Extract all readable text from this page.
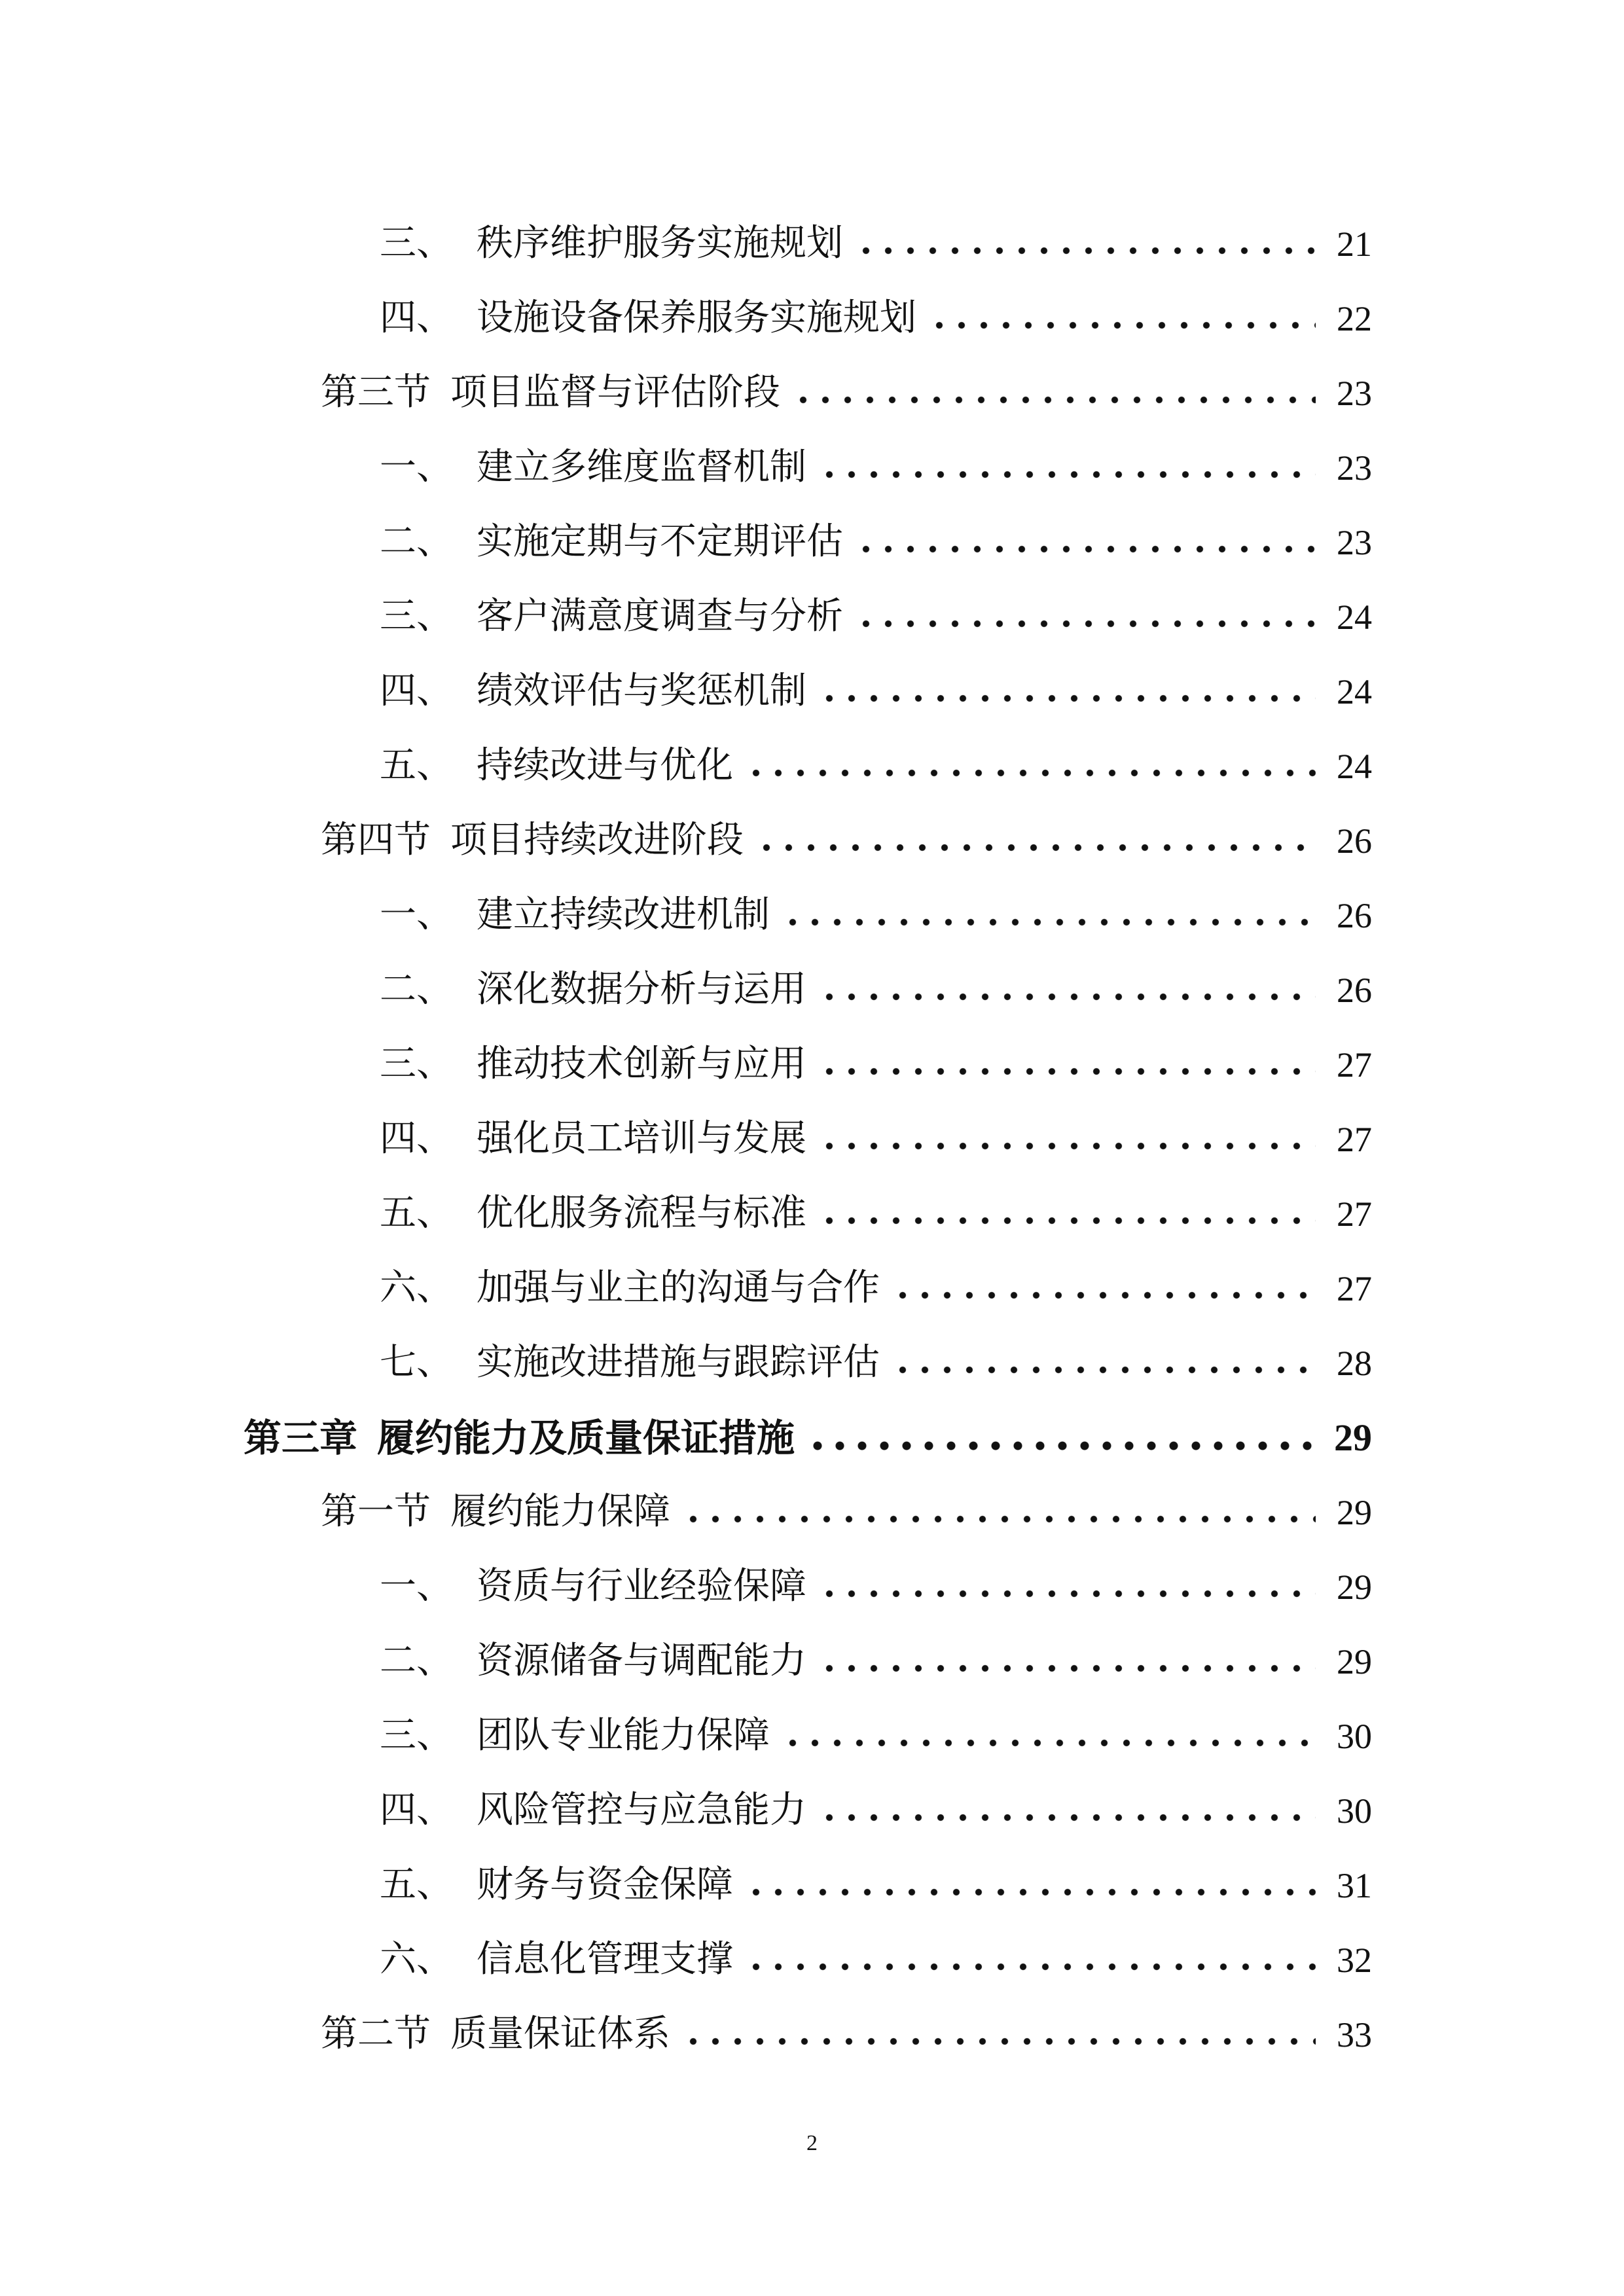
三、 秩序维护服务实施规划	21
四、 设施设备保养服务实施规划	22
第三节 项目监督与评估阶段	23
一、 建立多维度监督机制	23
二、 实施定期与不定期评估	23
三、 客户满意度调查与分析	24
四、 绩效评估与奖惩机制	24
五、 持续改进与优化	24
第四节 项目持续改进阶段	26
一、 建立持续改进机制	26
二、 深化数据分析与运用	26
三、 推动技术创新与应用	27
四、 强化员工培训与发展	27
五、 优化服务流程与标准	27
六、 加强与业主的沟通与合作	27
七、 实施改进措施与跟踪评估	28
第三章 履约能力及质量保证措施	29
第一节 履约能力保障	29
一、 资质与行业经验保障	29
二、 资源储备与调配能力	29
三、 团队专业能力保障	30
四、 风险管控与应急能力	30
五、 财务与资金保障	31
六、 信息化管理支撑	32
第二节 质量保证体系	33
2
